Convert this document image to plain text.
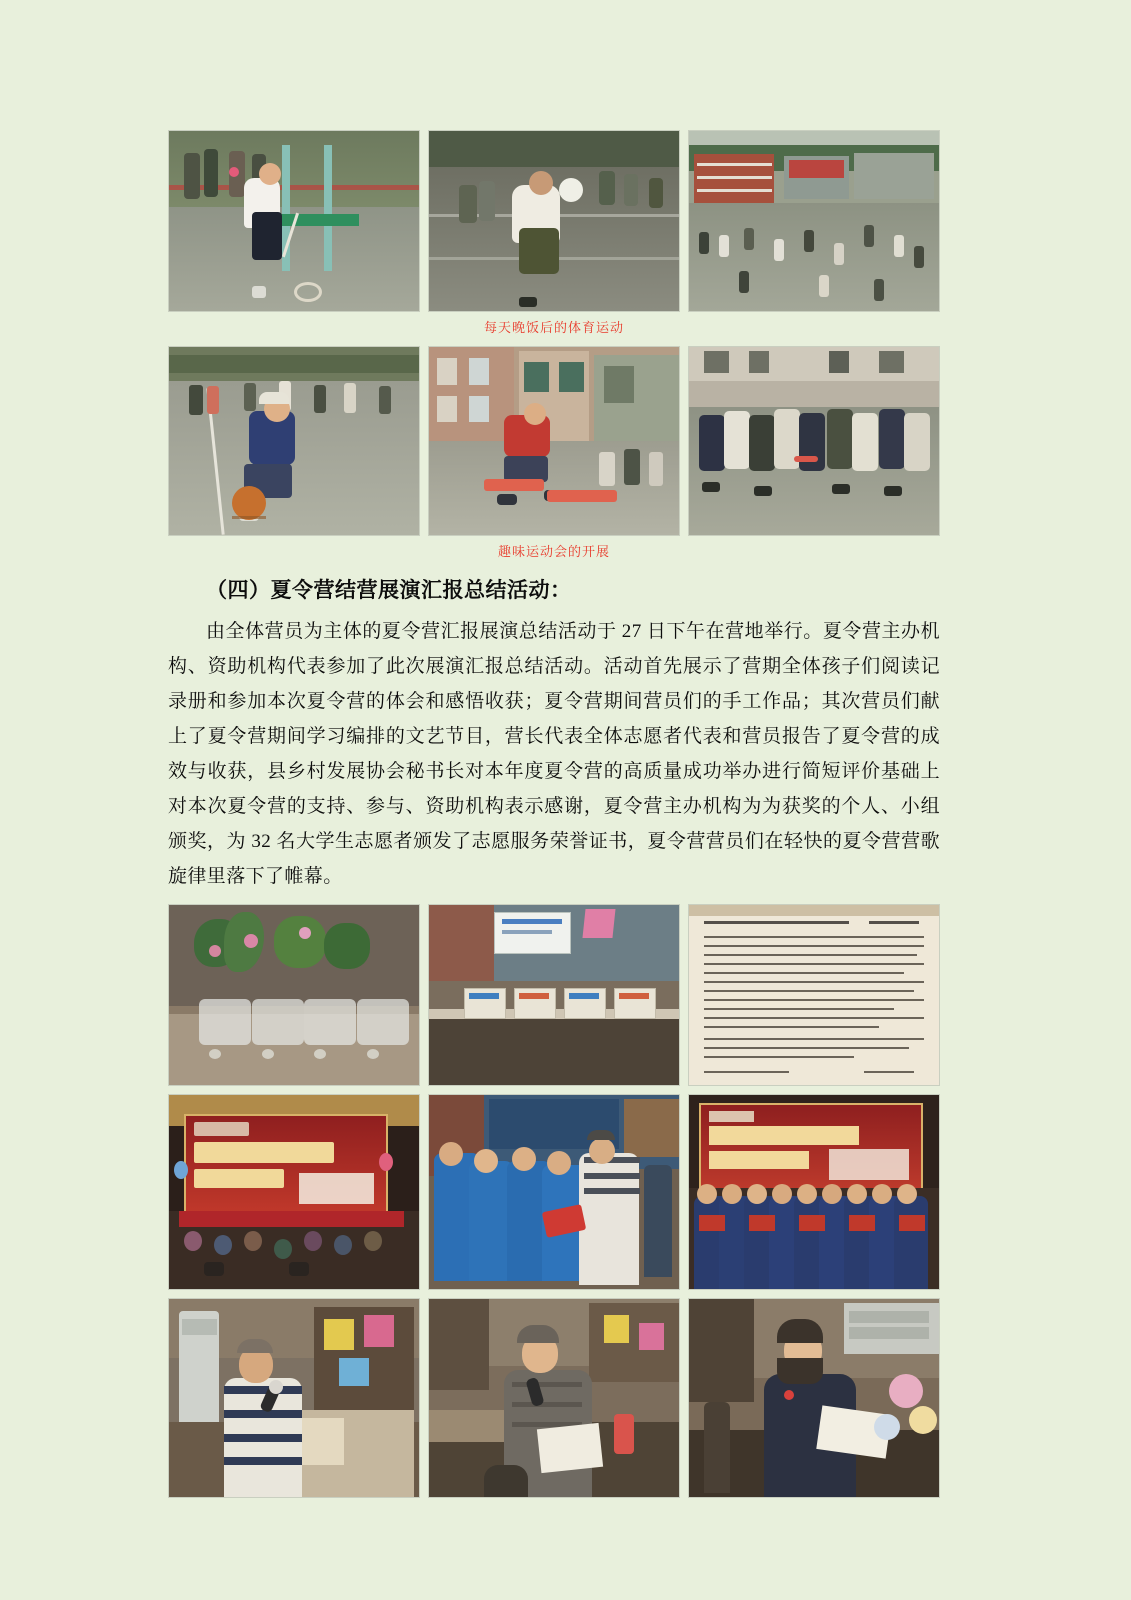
每天晚饭后的体育运动
趣味运动会的开展
（四）夏令营结营展演汇报总结活动：

由全体营员为主体的夏令营汇报展演总结活动于 27 日下午在营地举行。夏令营主办机构、资助机构代表参加了此次展演汇报总结活动。活动首先展示了营期全体孩子们阅读记录册和参加本次夏令营的体会和感悟收获；夏令营期间营员们的手工作品；其次营员们献上了夏令营期间学习编排的文艺节目，营长代表全体志愿者代表和营员报告了夏令营的成效与收获，县乡村发展协会秘书长对本年度夏令营的高质量成功举办进行简短评价基础上对本次夏令营的支持、参与、资助机构表示感谢，夏令营主办机构为为获奖的个人、小组颁奖，为 32 名大学生志愿者颁发了志愿服务荣誉证书，夏令营营员们在轻快的夏令营营歌旋律里落下了帷幕。
